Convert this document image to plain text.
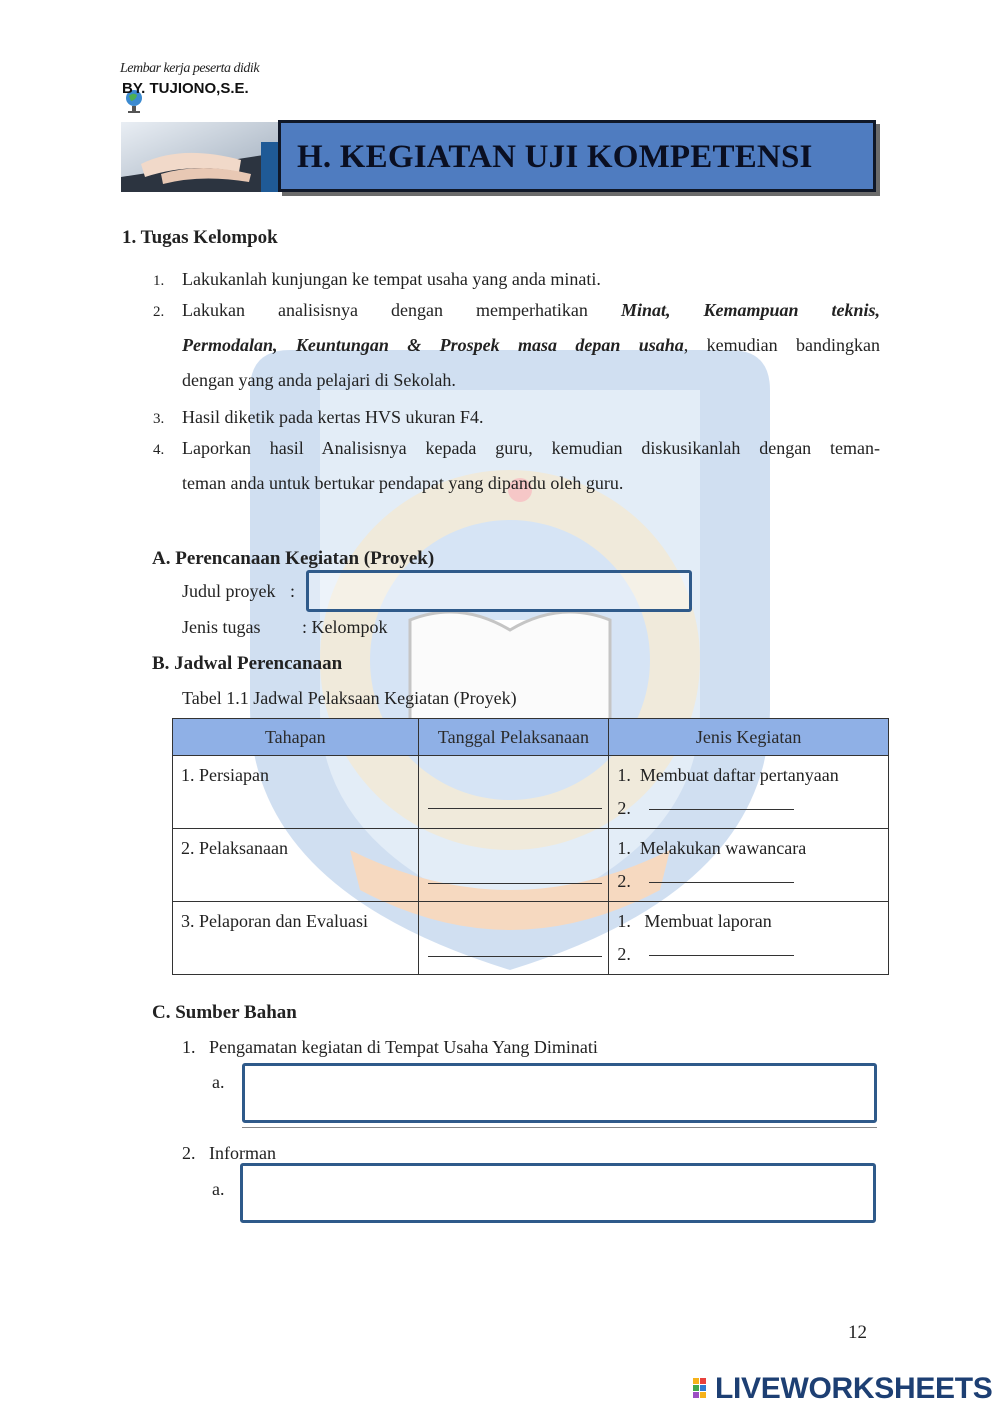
Lembar kerja peserta didik
BY. TUJIONO,S.E.
H. KEGIATAN UJI KOMPETENSI
1. Tugas Kelompok
1. Lakukanlah kunjungan ke tempat usaha yang anda minati.
2. Lakukan analisisnya dengan memperhatikan Minat, Kemampuan teknis,
Permodalan, Keuntungan & Prospek masa depan usaha, kemudian bandingkan
dengan yang anda pelajari di Sekolah.
3. Hasil diketik pada kertas HVS ukuran F4.
4. Laporkan hasil Analisisnya kepada guru, kemudian diskusikanlah dengan teman-
teman anda untuk bertukar pendapat yang dipandu oleh guru.
A. Perencanaan Kegiatan (Proyek)
Judul proyek :
Jenis tugas : Kelompok
B. Jadwal Perencanaan
Tabel 1.1 Jadwal Pelaksaan Kegiatan (Proyek)
Tahapan	Tanggal Pelaksanaan	Jenis Kegiatan

1. Persiapan		1. Membuat daftar pertanyaan
2.

2. Pelaksanaan		1. Melakukan wawancara
2.

3. Pelaporan dan Evaluasi		1. Membuat laporan
2.
C. Sumber Bahan
1.   Pengamatan kegiatan di Tempat Usaha Yang Diminati
a.
2.   Informan
a.
12
LIVEWORKSHEETS
